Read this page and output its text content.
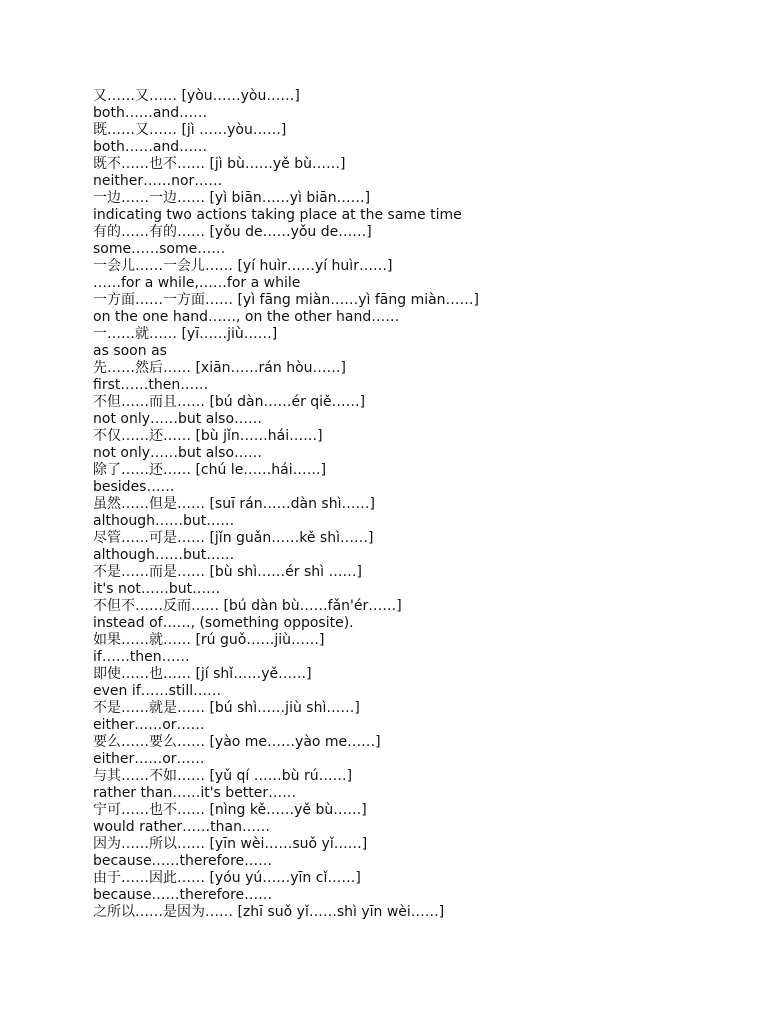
又……又…… [yòu……yòu……]
both……and……
既……又…… [jì ……yòu……]
both……and……
既不……也不…… [jì bù……yě bù……]
neither……nor……
一边……一边…… [yì biān……yì biān……]
indicating two actions taking place at the same time
有的……有的…… [yǒu de……yǒu de……]
some……some……
一会儿……一会儿…… [yí huìr……yí huìr……]
……for a while,……for a while
一方面……一方面…… [yì fāng miàn……yì fāng miàn……]
on the one hand……, on the other hand……
一……就…… [yī……jiù……]
as soon as
先……然后…… [xiān……rán hòu……]
first……then……
不但……而且…… [bú dàn……ér qiě……]
not only……but also……
不仅……还…… [bù jǐn……hái……]
not only……but also……
除了……还…… [chú le……hái……]
besides……
虽然……但是…… [suī rán……dàn shì……]
although……but……
尽管……可是…… [jǐn guǎn……kě shì……]
although……but……
不是……而是…… [bù shì……ér shì ……]
it's not……but……
不但不……反而…… [bú dàn bù……fǎn'ér……]
instead of……, (something opposite).
如果……就…… [rú guǒ……jiù……]
if……then……
即使……也…… [jí shǐ……yě……]
even if……still……
不是……就是…… [bú shì……jiù shì……]
either……or……
要么……要么…… [yào me……yào me……]
either……or……
与其……不如…… [yǔ qí ……bù rú……]
rather than……it's better……
宁可……也不…… [nìng kě……yě bù……]
would rather……than……
因为……所以…… [yīn wèi……suǒ yǐ……]
because……therefore……
由于……因此…… [yóu yú……yīn cǐ……]
because……therefore……
之所以……是因为…… [zhī suǒ yǐ……shì yīn wèi……]
